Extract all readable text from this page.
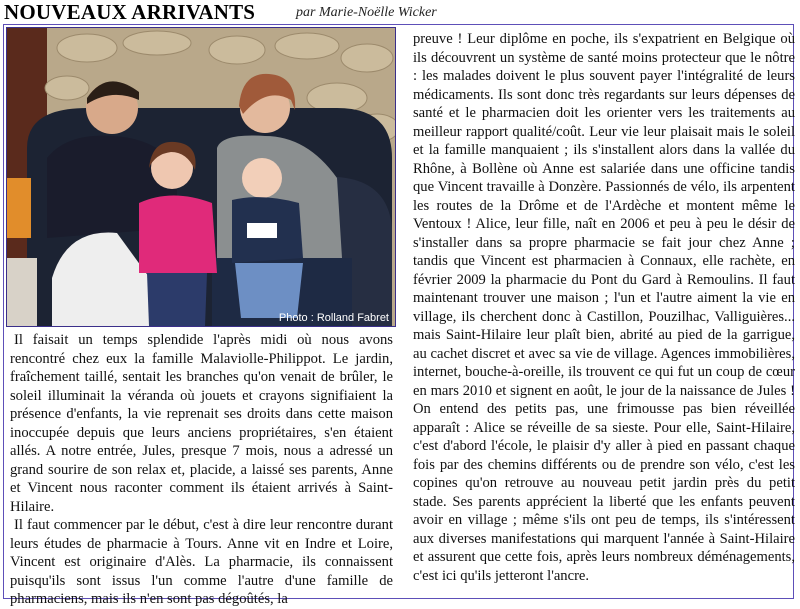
NOUVEAUX ARRIVANTS	par Marie-Noëlle Wicker
Photo : Rolland Fabret

Il faisait un temps splendide l'après midi où nous avons rencontré chez eux la famille Malaviolle-Philippot. Le jardin, fraîchement taillé, sentait les branches qu'on venait de brûler, le soleil illuminait la véranda où jouets et crayons signifiaient la présence d'enfants, la vie reprenait ses droits dans cette maison inoccupée depuis que leurs anciens propriétaires, s'en étaient allés. A notre entrée, Jules, presque 7 mois, nous a adressé un grand sourire de son relax et, placide, a laissé ses parents, Anne et Vincent nous raconter comment ils étaient arrivés à Saint-Hilaire.

Il faut commencer par le début, c'est à dire leur rencontre durant leurs études de pharmacie à Tours. Anne vit en Indre et Loire, Vincent est originaire d'Alès. La pharmacie, ils connaissent puisqu'ils sont issus l'un comme l'autre d'une famille de pharmaciens, mais ils n'en sont pas dégoûtés, la

preuve ! Leur diplôme en poche, ils s'expatrient en Belgique où ils découvrent un système de santé moins protecteur que le nôtre : les malades doivent le plus souvent payer l'intégralité de leurs médicaments. Ils sont donc très regardants sur leurs dépenses de santé et le pharmacien doit les orienter vers les traitements au meilleur rapport qualité/coût. Leur vie leur plaisait mais le soleil et la famille manquaient ; ils s'installent alors dans la vallée du Rhône, à Bollène où Anne est salariée dans une officine tandis que Vincent travaille à Donzère. Passionnés de vélo, ils arpentent les routes de la Drôme et de l'Ardèche et montent même le Ventoux ! Alice, leur fille, naît en 2006 et peu à peu le désir de s'installer dans sa propre pharmacie se fait jour chez Anne ; tandis que Vincent est pharmacien à Connaux, elle rachète, en février 2009 la pharmacie du Pont du Gard à Remoulins. Il faut maintenant trouver une maison ; l'un et l'autre aiment la vie en village, ils cherchent donc à Castillon, Pouzilhac, Valliguières... mais Saint-Hilaire leur plaît bien, abrité au pied de la garrigue, au cachet discret et avec sa vie de village. Agences immobilières, internet, bouche-à-oreille, ils trouvent ce qui fut un coup de cœur en mars 2010 et signent en août, le jour de la naissance de Jules ! On entend des petits pas, une frimousse pas bien réveillée apparaît : Alice se réveille de sa sieste. Pour elle, Saint-Hilaire, c'est d'abord l'école, le plaisir d'y aller à pied en passant chaque fois par des chemins différents ou de prendre son vélo, c'est les copines qu'on retrouve au nouveau petit jardin près du petit stade. Ses parents apprécient la liberté que les enfants peuvent avoir en village ; même s'ils ont peu de temps, ils s'intéressent aux diverses manifestations qui marquent l'année à Saint-Hilaire et assurent que cette fois, après leurs nombreux déménagements, c'est ici qu'ils jetteront l'ancre.
